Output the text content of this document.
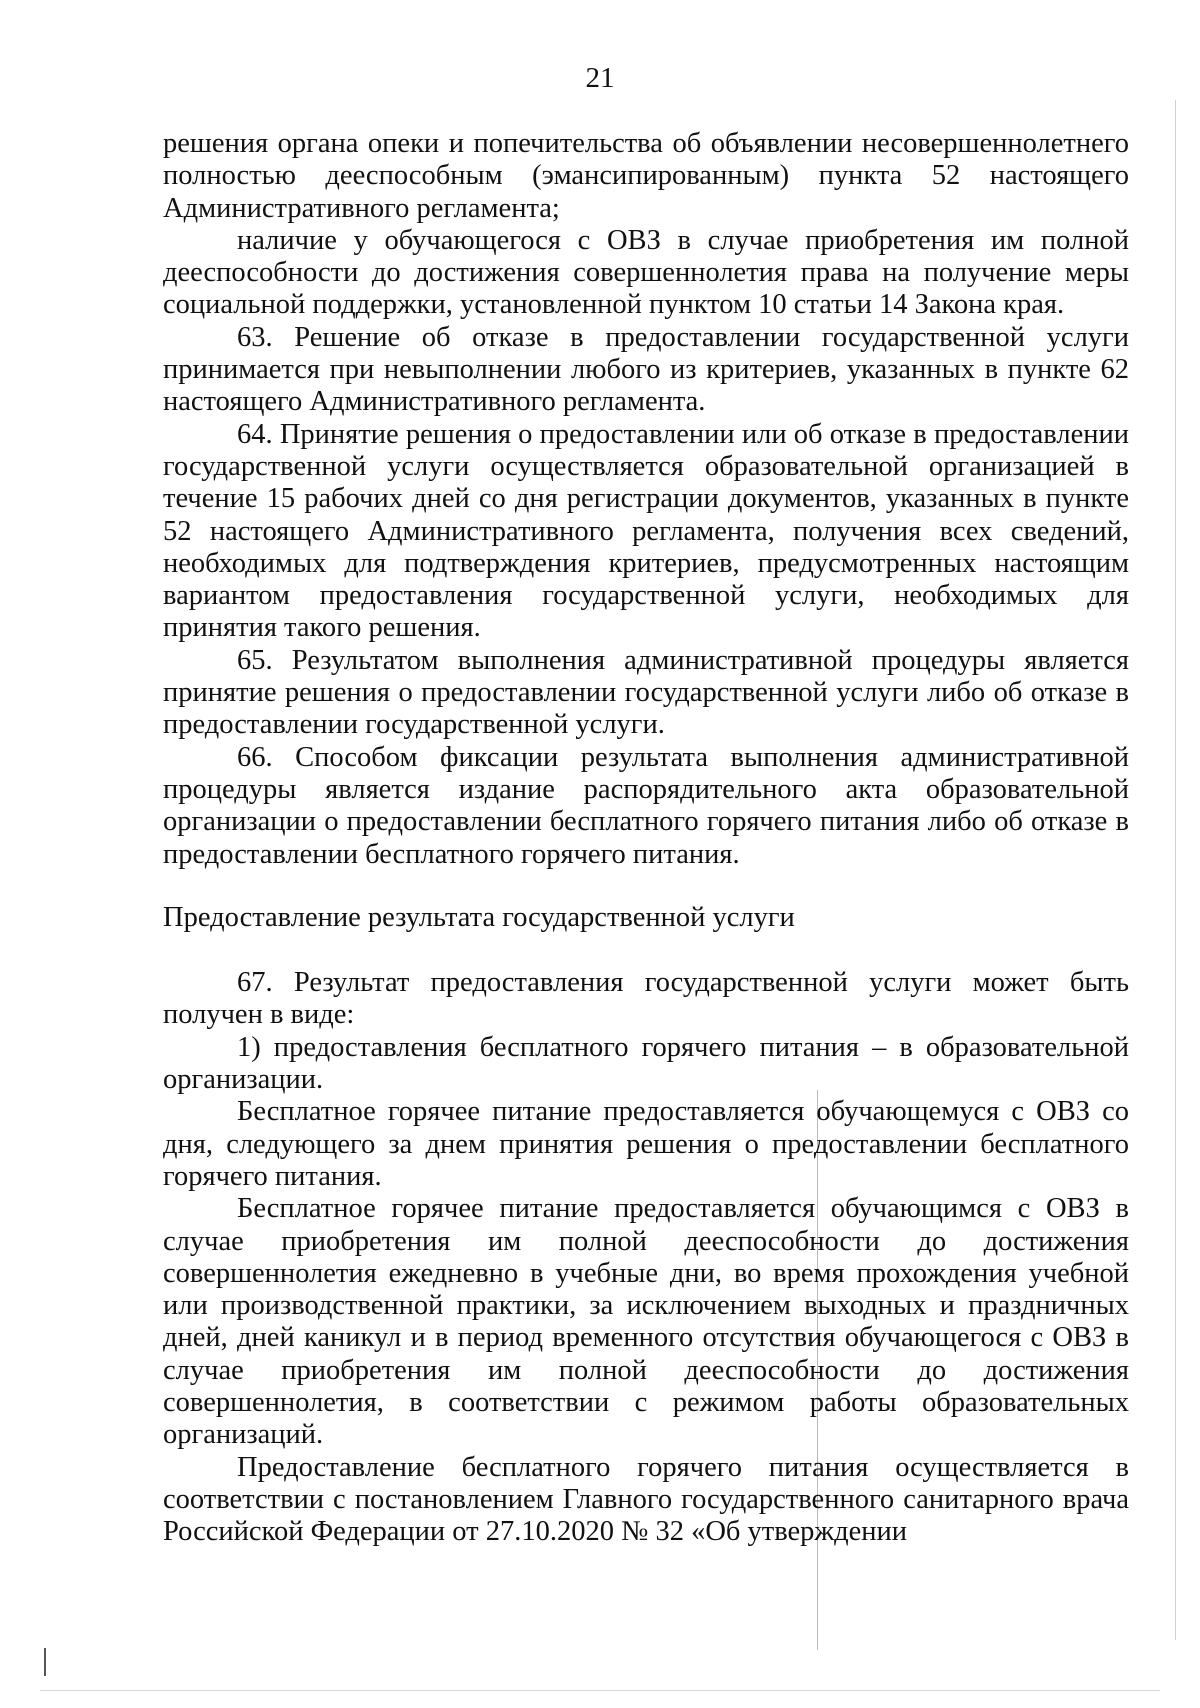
21

решения органа опеки и попечительства об объявлении несовершеннолетнего полностью дееспособным (эмансипированным) пункта 52 настоящего Административного регламента;

наличие у обучающегося с ОВЗ в случае приобретения им полной дееспособности до достижения совершеннолетия права на получение меры социальной поддержки, установленной пунктом 10 статьи 14 Закона края.

63. Решение об отказе в предоставлении государственной услуги принимается при невыполнении любого из критериев, указанных в пункте 62 настоящего Административного регламента.

64. Принятие решения о предоставлении или об отказе в предоставлении государственной услуги осуществляется образовательной организацией в течение 15 рабочих дней со дня регистрации документов, указанных в пункте 52 настоящего Административного регламента, получения всех сведений, необходимых для подтверждения критериев, предусмотренных настоящим вариантом предоставления государственной услуги, необходимых для принятия такого решения.

65. Результатом выполнения административной процедуры является принятие решения о предоставлении государственной услуги либо об отказе в предоставлении государственной услуги.

66. Способом фиксации результата выполнения административной процедуры является издание распорядительного акта образовательной организации о предоставлении бесплатного горячего питания либо об отказе в предоставлении бесплатного горячего питания.

Предоставление результата государственной услуги

67. Результат предоставления государственной услуги может быть получен в виде:

1) предоставления бесплатного горячего питания – в образовательной организации.

Бесплатное горячее питание предоставляется обучающемуся с ОВЗ со дня, следующего за днем принятия решения о предоставлении бесплатного горячего питания.

Бесплатное горячее питание предоставляется обучающимся с ОВЗ в случае приобретения им полной дееспособности до достижения совершеннолетия ежедневно в учебные дни, во время прохождения учебной или производственной практики, за исключением выходных и праздничных дней, дней каникул и в период временного отсутствия обучающегося с ОВЗ в случае приобретения им полной дееспособности до достижения совершеннолетия, в соответствии с режимом работы образовательных организаций.

Предоставление бесплатного горячего питания осуществляется в соответствии с постановлением Главного государственного санитарного врача Российской Федерации от 27.10.2020 № 32 «Об утверждении
